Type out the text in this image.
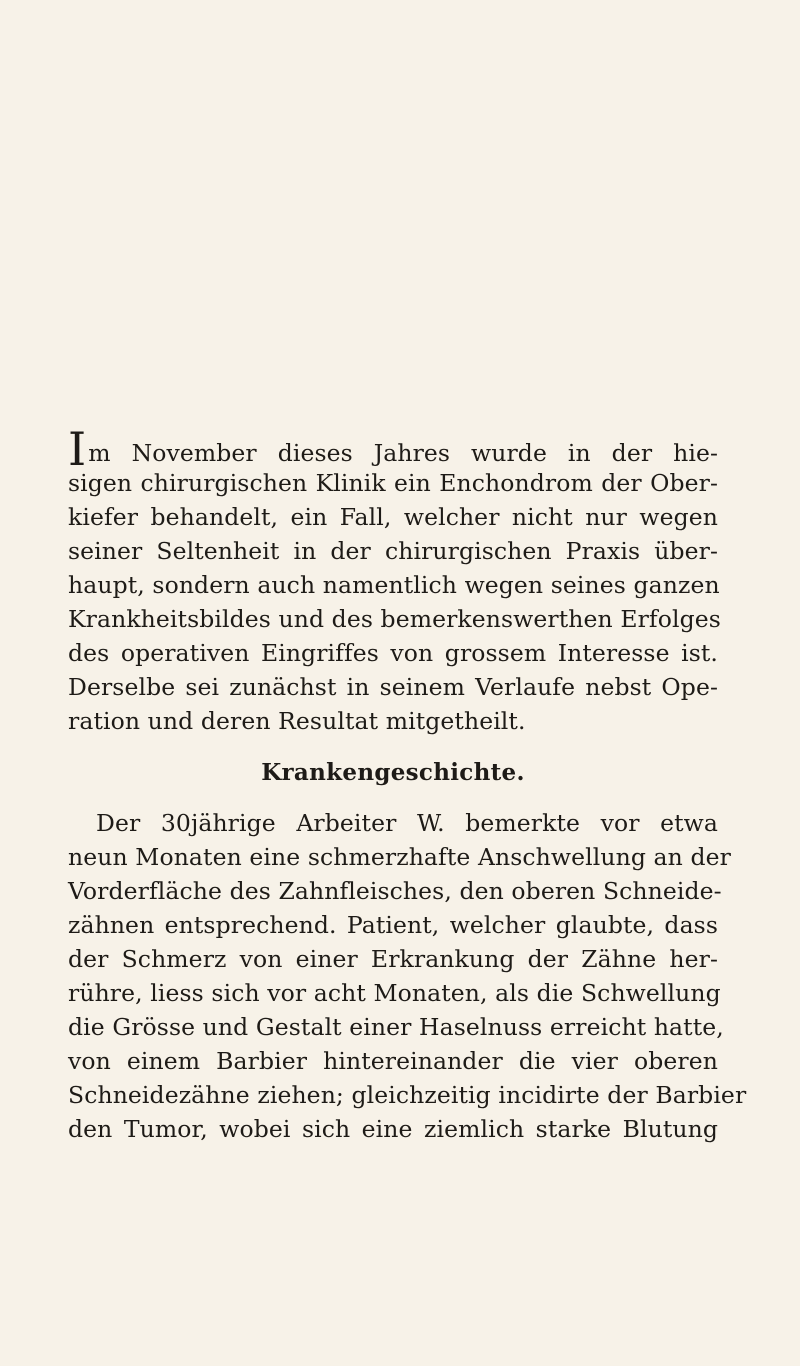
Im November dieses Jahres wurde in der hie-
sigen chirurgischen Klinik ein Enchondrom der Ober-
kiefer behandelt, ein Fall, welcher nicht nur wegen
seiner Seltenheit in der chirurgischen Praxis über-
haupt, sondern auch namentlich wegen seines ganzen
Krankheitsbildes und des bemerkenswerthen Erfolges
des operativen Eingriffes von grossem Interesse ist.
Derselbe sei zunächst in seinem Verlaufe nebst Ope-
ration und deren Resultat mitgetheilt.
Krankengeschichte.
Der 30jährige Arbeiter W. bemerkte vor etwa
neun Monaten eine schmerzhafte Anschwellung an der
Vorderfläche des Zahnfleisches, den oberen Schneide-
zähnen entsprechend. Patient, welcher glaubte, dass
der Schmerz von einer Erkrankung der Zähne her-
rühre, liess sich vor acht Monaten, als die Schwellung
die Grösse und Gestalt einer Haselnuss erreicht hatte,
von einem Barbier hintereinander die vier oberen
Schneidezähne ziehen; gleichzeitig incidirte der Barbier
den Tumor, wobei sich eine ziemlich starke Blutung
